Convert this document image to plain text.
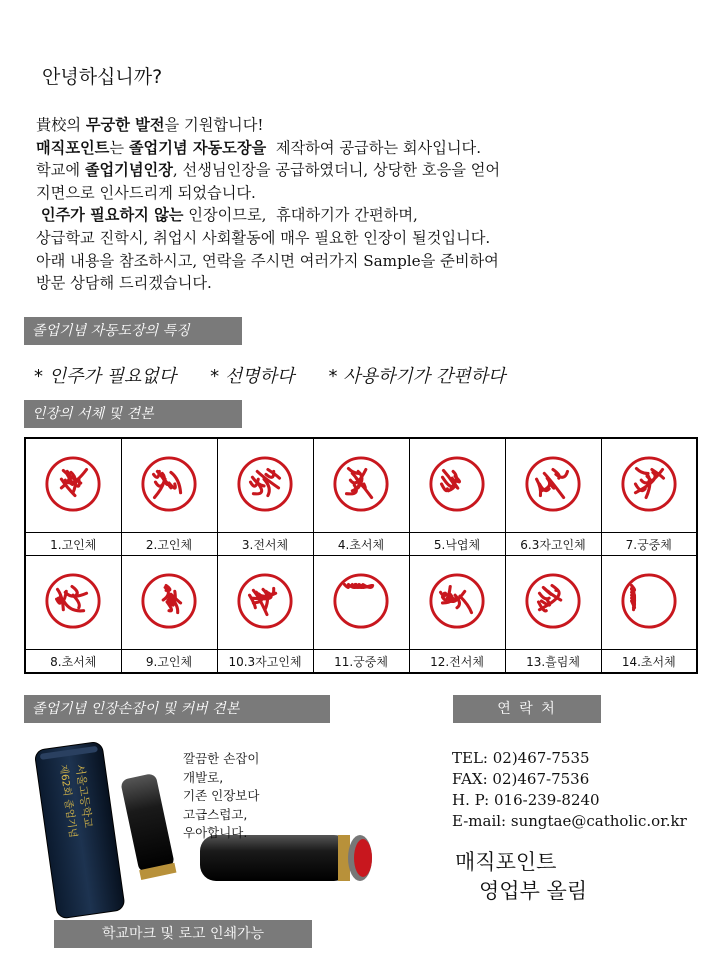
안녕하십니까?
貴校의 무궁한 발전을 기원합니다!
매직포인트는 졸업기념 자동도장을  제작하여 공급하는 회사입니다.
학교에 졸업기념인장, 선생님인장을 공급하였더니, 상당한 호응을 얻어
지면으로 인사드리게 되었습니다.
인주가 필요하지 않는 인장이므로,  휴대하기가 간편하며,
상급학교 진학시, 취업시 사회활동에 매우 필요한 인장이 될것입니다.
아래 내용을 참조하시고, 연락을 주시면 여러가지 Sample을 준비하여
방문 상담해 드리겠습니다.
졸업기념 자동도장의 특징
* 인주가 필요없다 * 선명하다 * 사용하기가 간편하다
인장의 서체 및 견본

1.고인체	2.고인체	3.전서체	4.초서체	5.낙엽체	6.3자고인체	7.궁중체

8.초서체	9.고인체	10.3자고인체	11.궁중체	12.전서체	13.흘림체	14.초서체
졸업기념 인장손잡이 및 커버 견본	연 락 처
서울고등학교
제62회 졸업기념
깔끔한 손잡이
개발로,
기존 인장보다
고급스럽고,
우아합니다.
TEL: 02)467-7535
FAX: 02)467-7536
H. P: 016-239-8240
E-mail: sungtae@catholic.or.kr
매직포인트
영업부 올림
학교마크 및 로고 인쇄가능
